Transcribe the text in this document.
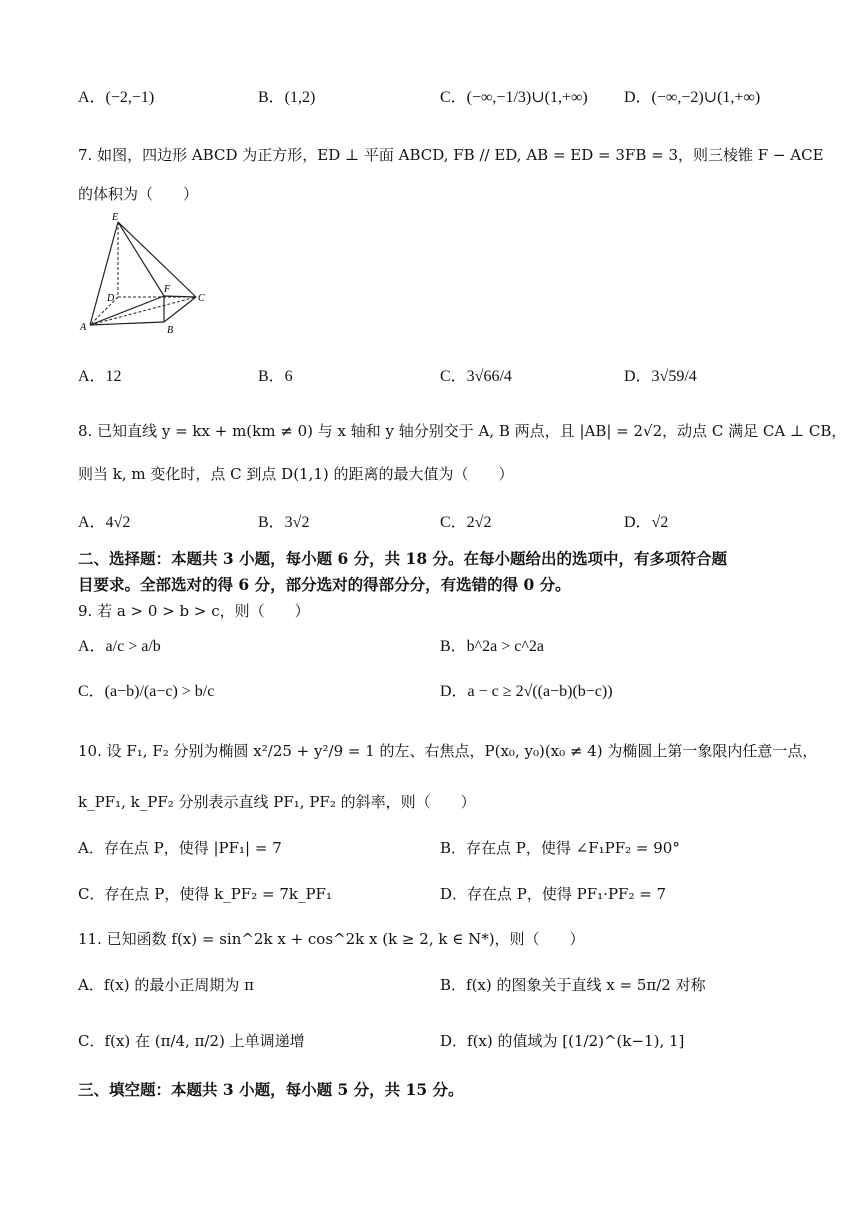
A．(−2,−1)	B．(1,2)	C．(−∞,−1/3)∪(1,+∞) D．(−∞,−2)∪(1,+∞)
7. 如图，四边形 ABCD 为正方形，ED ⊥ 平面 ABCD, FB // ED, AB = ED = 3FB = 3，则三棱锥 F − ACE
的体积为（　　）
E
D
F
C
A	B
A．12	B．6	C．3√66/4	D．3√59/4
8. 已知直线 y = kx + m(km ≠ 0) 与 x 轴和 y 轴分别交于 A, B 两点，且 |AB| = 2√2，动点 C 满足 CA ⊥ CB，
则当 k, m 变化时，点 C 到点 D(1,1) 的距离的最大值为（　　）
A．4√2	B．3√2	C．2√2	D．√2
二、选择题：本题共 3 小题，每小题 6 分，共 18 分。在每小题给出的选项中，有多项符合题
目要求。全部选对的得 6 分，部分选对的得部分分，有选错的得 0 分。
9. 若 a > 0 > b > c，则（　　）
A．a/c > a/b	B．b^2a > c^2a
C．(a−b)/(a−c) > b/c	D．a − c ≥ 2√((a−b)(b−c))
10. 设 F₁, F₂ 分别为椭圆 x²/25 + y²/9 = 1 的左、右焦点，P(x₀, y₀)(x₀ ≠ 4) 为椭圆上第一象限内任意一点，
k_PF₁, k_PF₂ 分别表示直线 PF₁, PF₂ 的斜率，则（　　）
A．存在点 P，使得 |PF₁| = 7	B．存在点 P，使得 ∠F₁PF₂ = 90°
C．存在点 P，使得 k_PF₂ = 7k_PF₁	D．存在点 P，使得 PF₁·PF₂ = 7
11. 已知函数 f(x) = sin^2k x + cos^2k x (k ≥ 2, k ∈ N*)，则（　　）
A．f(x) 的最小正周期为 π	B．f(x) 的图象关于直线 x = 5π/2 对称
C．f(x) 在 (π/4, π/2) 上单调递增	D．f(x) 的值域为 [(1/2)^(k−1), 1]
三、填空题：本题共 3 小题，每小题 5 分，共 15 分。
